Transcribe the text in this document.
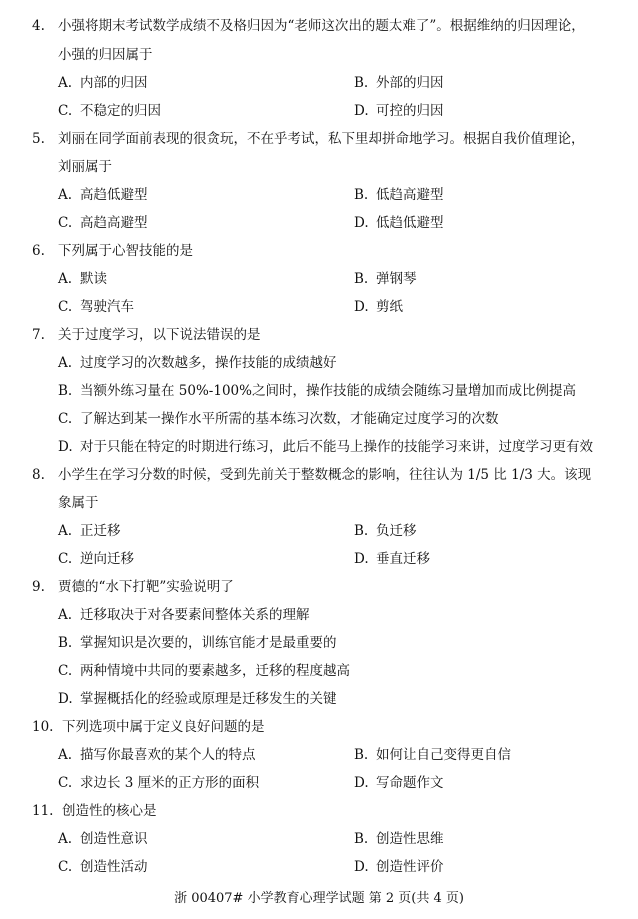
4. 小强将期末考试数学成绩不及格归因为“老师这次出的题太难了”。根据维纳的归因理论，
小强的归因属于
A. 内部的归因	B. 外部的归因
C. 不稳定的归因	D. 可控的归因
5. 刘丽在同学面前表现的很贪玩，不在乎考试，私下里却拼命地学习。根据自我价值理论，
刘丽属于
A. 高趋低避型	B. 低趋高避型
C. 高趋高避型	D. 低趋低避型
6. 下列属于心智技能的是
A. 默读	B. 弹钢琴
C. 驾驶汽车	D. 剪纸
7. 关于过度学习，以下说法错误的是
A. 过度学习的次数越多，操作技能的成绩越好
B. 当额外练习量在 50%-100%之间时，操作技能的成绩会随练习量增加而成比例提高
C. 了解达到某一操作水平所需的基本练习次数，才能确定过度学习的次数
D. 对于只能在特定的时期进行练习，此后不能马上操作的技能学习来讲，过度学习更有效
8. 小学生在学习分数的时候，受到先前关于整数概念的影响，往往认为 1/5 比 1/3 大。该现
象属于
A. 正迁移	B. 负迁移
C. 逆向迁移	D. 垂直迁移
9. 贾德的“水下打靶”实验说明了
A. 迁移取决于对各要素间整体关系的理解
B. 掌握知识是次要的，训练官能才是最重要的
C. 两种情境中共同的要素越多，迁移的程度越高
D. 掌握概括化的经验或原理是迁移发生的关键
10. 下列选项中属于定义良好问题的是
A. 描写你最喜欢的某个人的特点	B. 如何让自己变得更自信
C. 求边长 3 厘米的正方形的面积	D. 写命题作文
11. 创造性的核心是
A. 创造性意识	B. 创造性思维
C. 创造性活动	D. 创造性评价
浙 00407# 小学教育心理学试题 第 2 页(共 4 页)
